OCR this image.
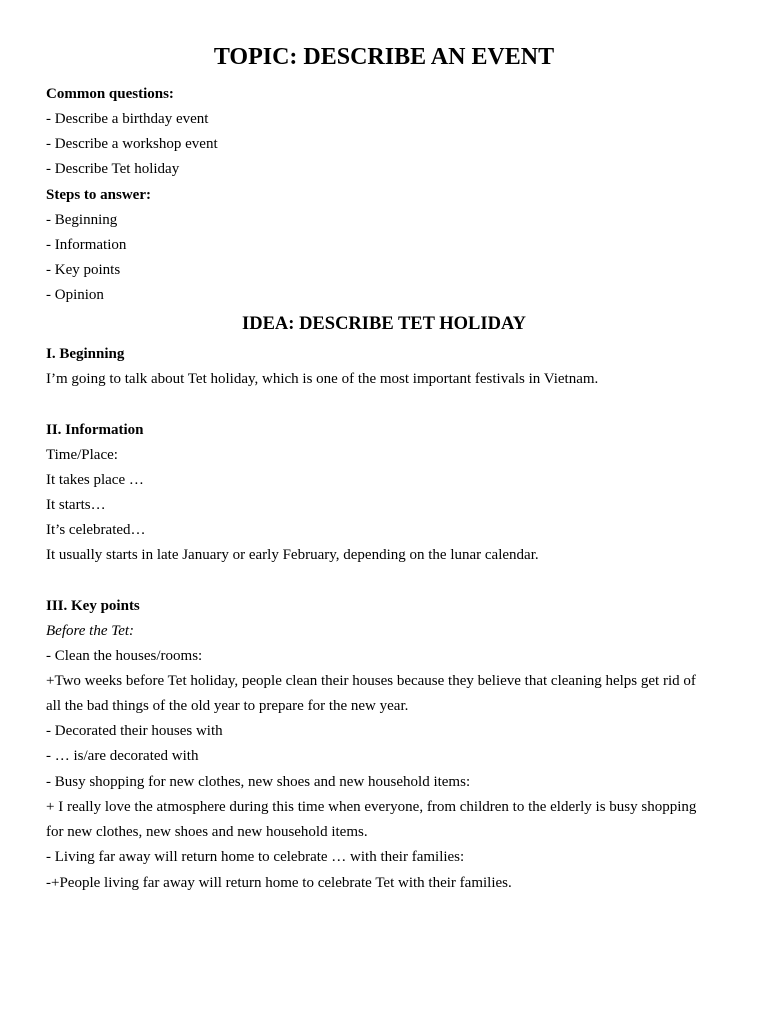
TOPIC: DESCRIBE AN EVENT

Common questions:

- Describe a birthday event

- Describe a workshop event

- Describe Tet holiday

Steps to answer:

- Beginning

- Information

- Key points

- Opinion

IDEA: DESCRIBE TET HOLIDAY

I. Beginning

I’m going to talk about Tet holiday, which is one of the most important festivals in Vietnam.

II. Information

Time/Place:

It takes place …

It starts…

It’s celebrated…

It usually starts in late January or early February, depending on the lunar calendar.

III. Key points

Before the Tet:

- Clean the houses/rooms:

+Two weeks before Tet holiday, people clean their houses because they believe that cleaning helps get rid of

all the bad things of the old year to prepare for the new year.

- Decorated their houses with

- … is/are decorated with

- Busy shopping for new clothes, new shoes and new household items:

+ I really love the atmosphere during this time when everyone, from children to the elderly is busy shopping

for new clothes, new shoes and new household items.

- Living far away will return home to celebrate … with their families:

-+People living far away will return home to celebrate Tet with their families.
